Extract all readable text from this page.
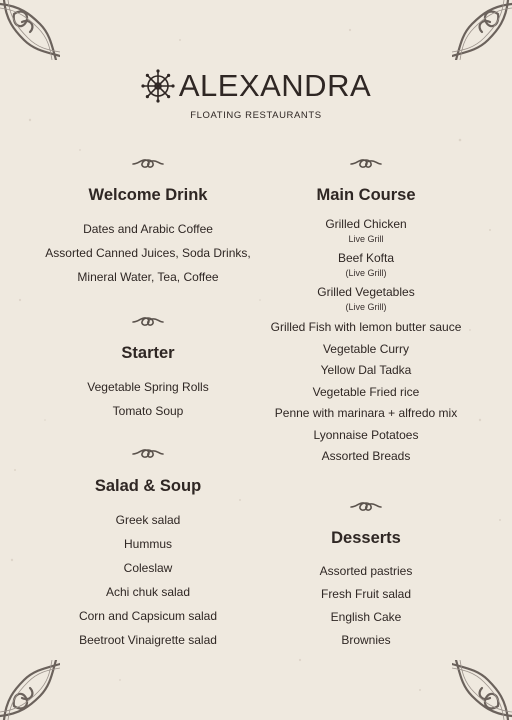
ALEXANDRA
FLOATING RESTAURANTS
Welcome Drink
Dates and Arabic Coffee
Assorted Canned Juices, Soda Drinks,
Mineral Water, Tea, Coffee
Starter
Vegetable Spring Rolls
Tomato Soup
Salad & Soup
Greek salad
Hummus
Coleslaw
Achi chuk salad
Corn and Capsicum salad
Beetroot Vinaigrette salad
Main Course
Grilled Chicken
Live Grill
Beef Kofta
(Live Grill)
Grilled Vegetables
(Live Grill)
Grilled Fish with lemon butter sauce
Vegetable Curry
Yellow Dal Tadka
Vegetable Fried rice
Penne with marinara + alfredo mix
Lyonnaise Potatoes
Assorted Breads
Desserts
Assorted pastries
Fresh Fruit salad
English Cake
Brownies
